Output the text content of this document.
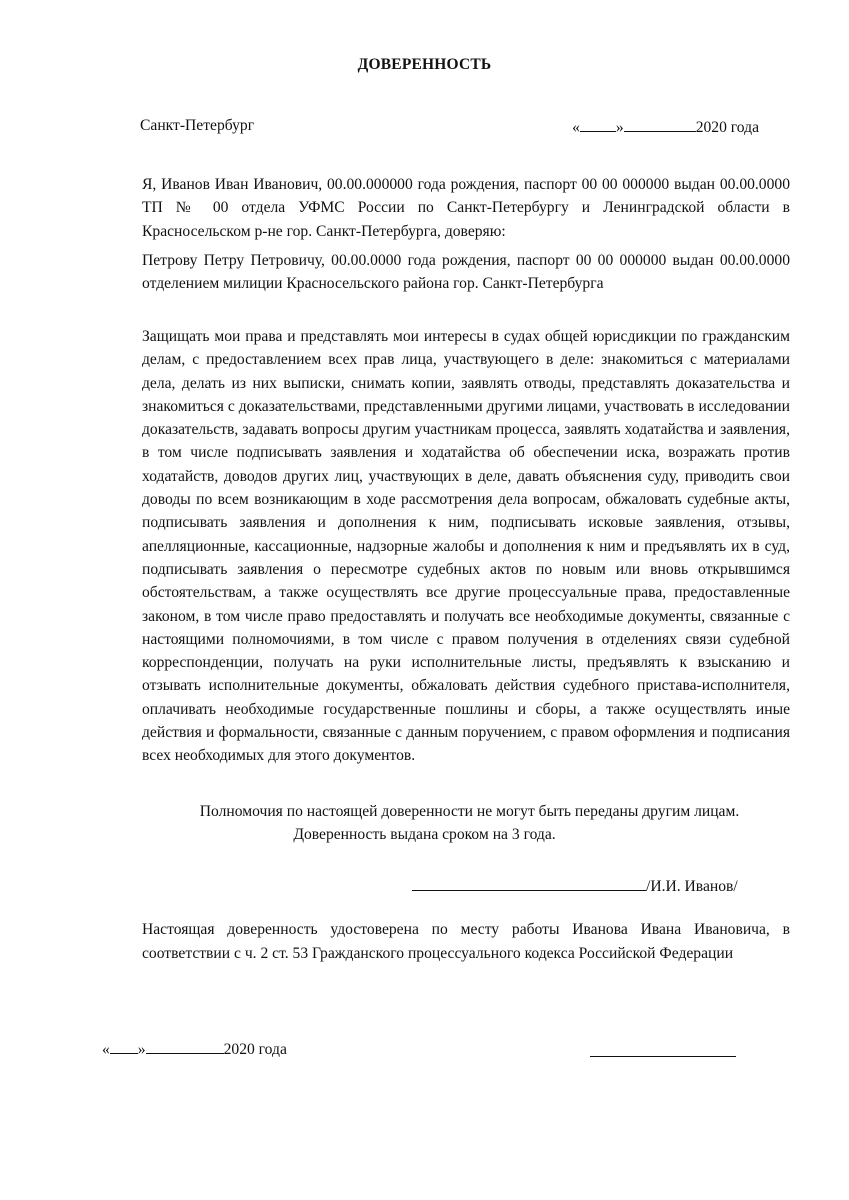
ДОВЕРЕННОСТЬ
Санкт-Петербург	« »	2020 года
Я, Иванов Иван Иванович, 00.00.000000 года рождения, паспорт 00 00 000000 выдан 00.00.0000 ТП № 00 отдела УФМС России по Санкт-Петербургу и Ленинградской области в Красносельском р-не гор. Санкт-Петербурга, доверяю:
Петрову Петру Петровичу, 00.00.0000 года рождения, паспорт 00 00 000000 выдан 00.00.0000 отделением милиции Красносельского района гор. Санкт-Петербурга
Защищать мои права и представлять мои интересы в судах общей юрисдикции по гражданским делам, с предоставлением всех прав лица, участвующего в деле: знакомиться с материалами дела, делать из них выписки, снимать копии, заявлять отводы, представлять доказательства и знакомиться с доказательствами, представленными другими лицами, участвовать в исследовании доказательств, задавать вопросы другим участникам процесса, заявлять ходатайства и заявления, в том числе подписывать заявления и ходатайства об обеспечении иска, возражать против ходатайств, доводов других лиц, участвующих в деле, давать объяснения суду, приводить свои доводы по всем возникающим в ходе рассмотрения дела вопросам, обжаловать судебные акты, подписывать заявления и дополнения к ним, подписывать исковые заявления, отзывы, апелляционные, кассационные, надзорные жалобы и дополнения к ним и предъявлять их в суд, подписывать заявления о пересмотре судебных актов по новым или вновь открывшимся обстоятельствам, а также осуществлять все другие процессуальные права, предоставленные законом, в том числе право предоставлять и получать все необходимые документы, связанные с настоящими полномочиями, в том числе с правом получения в отделениях связи судебной корреспонденции, получать на руки исполнительные листы, предъявлять к взысканию и отзывать исполнительные документы, обжаловать действия судебного пристава-исполнителя, оплачивать необходимые государственные пошлины и сборы, а также осуществлять иные действия и формальности, связанные с данным поручением, с правом оформления и подписания всех необходимых для этого документов.
Полномочия по настоящей доверенности не могут быть переданы другим лицам.
Доверенность выдана сроком на 3 года.
/И.И. Иванов/
Настоящая доверенность удостоверена по месту работы Иванова Ивана Ивановича, в соответствии с ч. 2 ст. 53 Гражданского процессуального кодекса Российской Федерации
« »	2020 года
